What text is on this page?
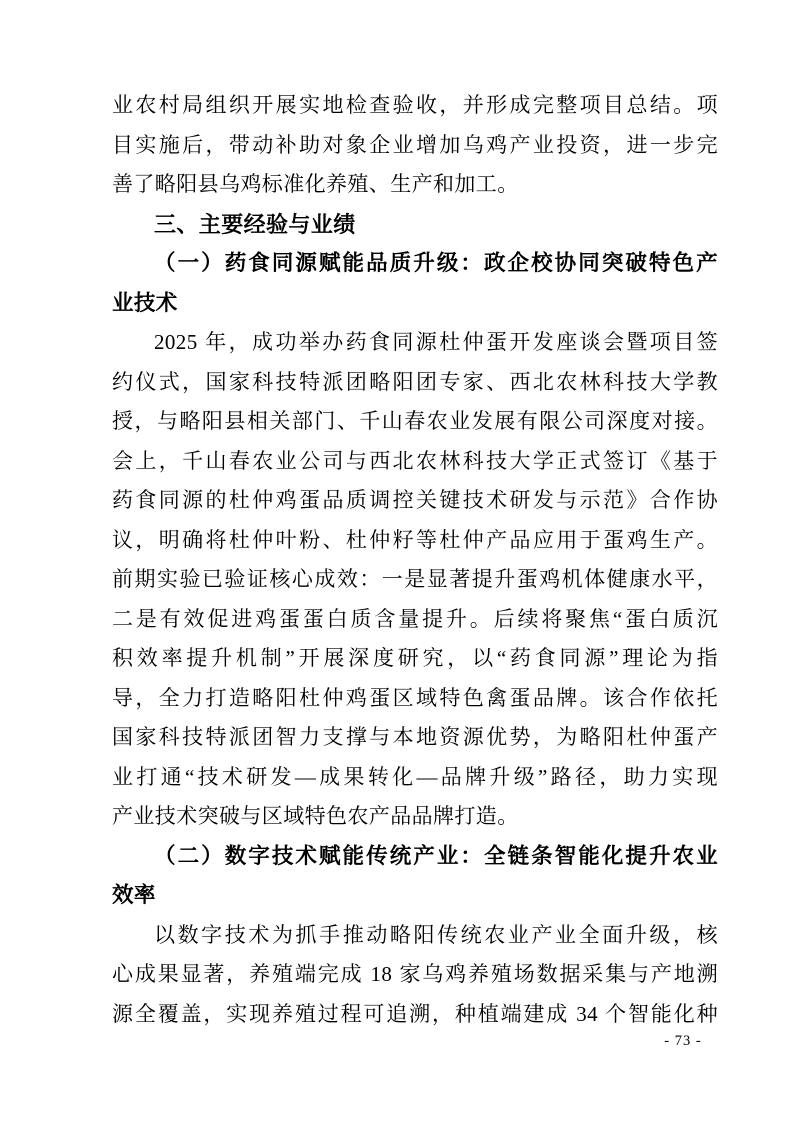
业农村局组织开展实地检查验收，并形成完整项目总结。项
目实施后，带动补助对象企业增加乌鸡产业投资，进一步完
善了略阳县乌鸡标准化养殖、生产和加工。
三、主要经验与业绩
（一）药食同源赋能品质升级：政企校协同突破特色产
业技术
2025 年，成功举办药食同源杜仲蛋开发座谈会暨项目签
约仪式，国家科技特派团略阳团专家、西北农林科技大学教
授，与略阳县相关部门、千山春农业发展有限公司深度对接。
会上，千山春农业公司与西北农林科技大学正式签订《基于
药食同源的杜仲鸡蛋品质调控关键技术研发与示范》合作协
议，明确将杜仲叶粉、杜仲籽等杜仲产品应用于蛋鸡生产。
前期实验已验证核心成效：一是显著提升蛋鸡机体健康水平，
二是有效促进鸡蛋蛋白质含量提升。后续将聚焦“蛋白质沉
积效率提升机制”开展深度研究，以“药食同源”理论为指
导，全力打造略阳杜仲鸡蛋区域特色禽蛋品牌。该合作依托
国家科技特派团智力支撑与本地资源优势，为略阳杜仲蛋产
业打通“技术研发—成果转化—品牌升级”路径，助力实现
产业技术突破与区域特色农产品品牌打造。
（二）数字技术赋能传统产业：全链条智能化提升农业
效率
以数字技术为抓手推动略阳传统农业产业全面升级，核
心成果显著，养殖端完成 18 家乌鸡养殖场数据采集与产地溯
源全覆盖，实现养殖过程可追溯，种植端建成 34 个智能化种
- 73 -
